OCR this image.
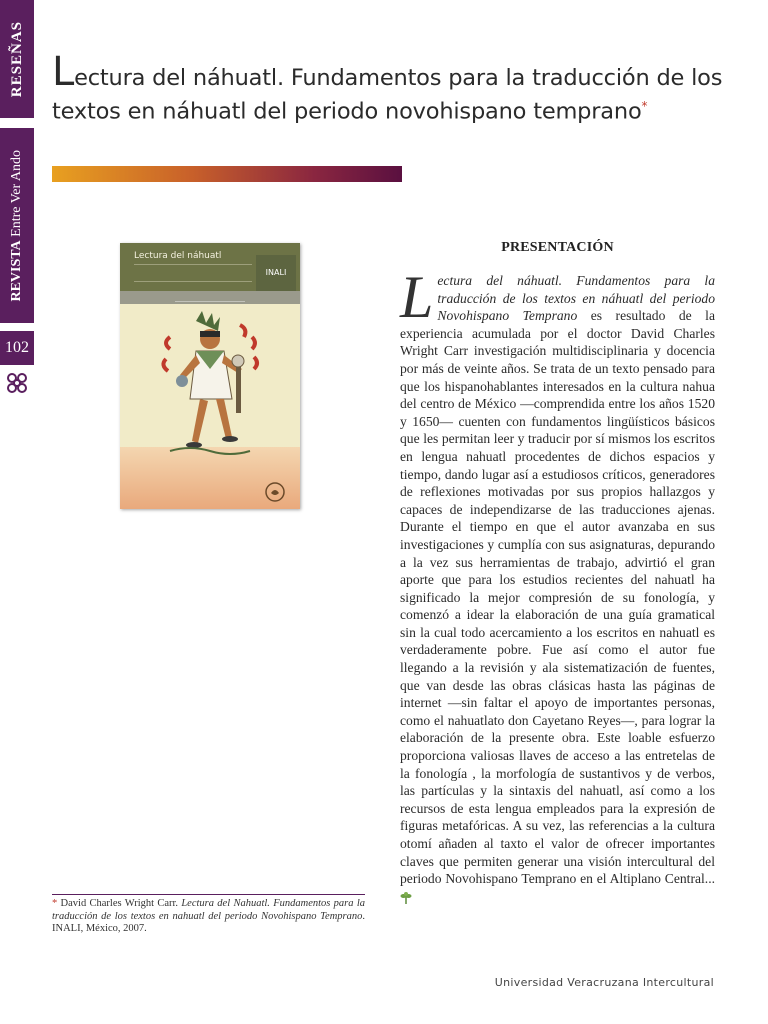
RESEÑAS
REVISTA Entre Ver Ando
102
Lectura del náhuatl. Fundamentos para la traducción de los textos en náhuatl del periodo novohispano temprano*
Lectura del náhuatl
INALI
PRESENTACIÓN
Lectura del náhuatl. Fundamentos para la traducción de los textos en náhuatl del periodo Novohispano Temprano es resultado de la experiencia acumulada por el doctor David Charles Wright Carr investigación multidisciplinaria y docencia por más de veinte años. Se trata de un texto pensado para que los hispanohablantes interesados en la cultura nahua del centro de México —comprendida entre los años 1520 y 1650— cuenten con fundamentos lingüísticos básicos que les permitan leer y traducir por sí mismos los escritos en lengua nahuatl procedentes de dichos espacios y tiempo, dando lugar así a estudiosos críticos, generadores de reflexiones motivadas por sus propios hallazgos y capaces de independizarse de las traducciones ajenas. Durante el tiempo en que el autor avanzaba en sus investigaciones y cumplía con sus asignaturas, depurando a la vez sus herramientas de trabajo, advirtió el gran aporte que para los estudios recientes del nahuatl ha significado la mejor compresión de su fonología, y comenzó a idear la elaboración de una guía gramatical sin la cual todo acercamiento a los escritos en nahuatl es verdaderamente pobre. Fue así como el autor fue llegando a la revisión y ala sistematización de fuentes, que van desde las obras clásicas hasta las páginas de internet —sin faltar el apoyo de importantes personas, como el nahuatlato don Cayetano Reyes—, para lograr la elaboración de la presente obra. Este loable esfuerzo proporciona valiosas llaves de acceso a las entretelas de la fonología , la morfología de sustantivos y de verbos, las partículas y la sintaxis del nahuatl, así como a los recursos de esta lengua empleados para la expresión de figuras metafóricas. A su vez, las referencias a la cultura otomí añaden al taxto el valor de ofrecer importantes claves que permiten generar una visión intercultural del periodo Novohispano Temprano en el Altiplano Central...
* David Charles Wright Carr. Lectura del Nahuatl. Fundamentos para la traducción de los textos en nahuatl del periodo Novohispano Temprano. INALI, México, 2007.
Universidad Veracruzana Intercultural
